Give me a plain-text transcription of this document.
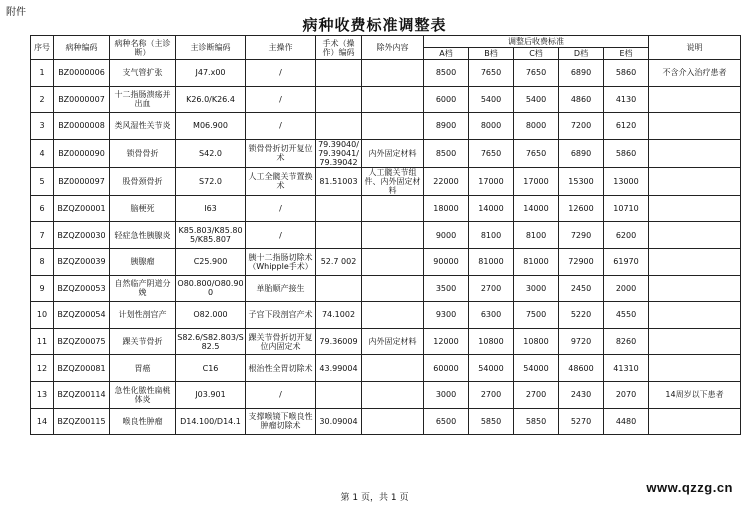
附件
病种收费标准调整表
序号	病种编码	病种名称（主诊断）	主诊断编码	主操作	手术（操作）编码	除外内容	调整后收费标准					说明
							A档	B档	C档	D档	E档	
1	BZ0000006	支气管扩张	J47.x00	/			8500	7650	7650	6890	5860	不含介入治疗患者
2	BZ0000007	十二指肠溃疡并出血	K26.0/K26.4	/			6000	5400	5400	4860	4130	
3	BZ0000008	类风湿性关节炎	M06.900	/			8900	8000	8000	7200	6120	
4	BZ0000090	锁骨骨折	S42.0	锁骨骨折切开复位术	79.39040/79.39041/79.39042	内外固定材料	8500	7650	7650	6890	5860	
5	BZ0000097	股骨颈骨折	S72.0	人工全髋关节置换术	81.51003	人工髋关节组件、内外固定材料	22000	17000	17000	15300	13000	
6	BZQZ00001	脑梗死	I63	/			18000	14000	14000	12600	10710	
7	BZQZ00030	轻症急性胰腺炎	K85.803/K85.805/K85.807	/			9000	8100	8100	7290	6200	
8	BZQZ00039	胰腺瘤	C25.900	胰十二指肠切除术（Whipple手术）	52.7 002		90000	81000	81000	72900	61970	
9	BZQZ00053	自然临产阴道分娩	O80.800/O80.900	单胎顺产接生			3500	2700	3000	2450	2000	
10	BZQZ00054	计划性剖宫产	O82.000	子宫下段剖宫产术	74.1002		9300	6300	7500	5220	4550	
11	BZQZ00075	踝关节骨折	S82.6/S82.803/S82.5	踝关节骨折切开复位内固定术	79.36009	内外固定材料	12000	10800	10800	9720	8260	
12	BZQZ00081	胃癌	C16	根治性全胃切除术	43.99004		60000	54000	54000	48600	41310	
13	BZQZ00114	急性化脓性扁桃体炎	J03.901	/			3000	2700	2700	2430	2070	14周岁以下患者
14	BZQZ00115	喉良性肿瘤	D14.100/D14.1	支撑喉镜下喉良性肿瘤切除术	30.09004		6500	5850	5850	5270	4480	
第 1 页，共 1 页
www.qzzg.cn
